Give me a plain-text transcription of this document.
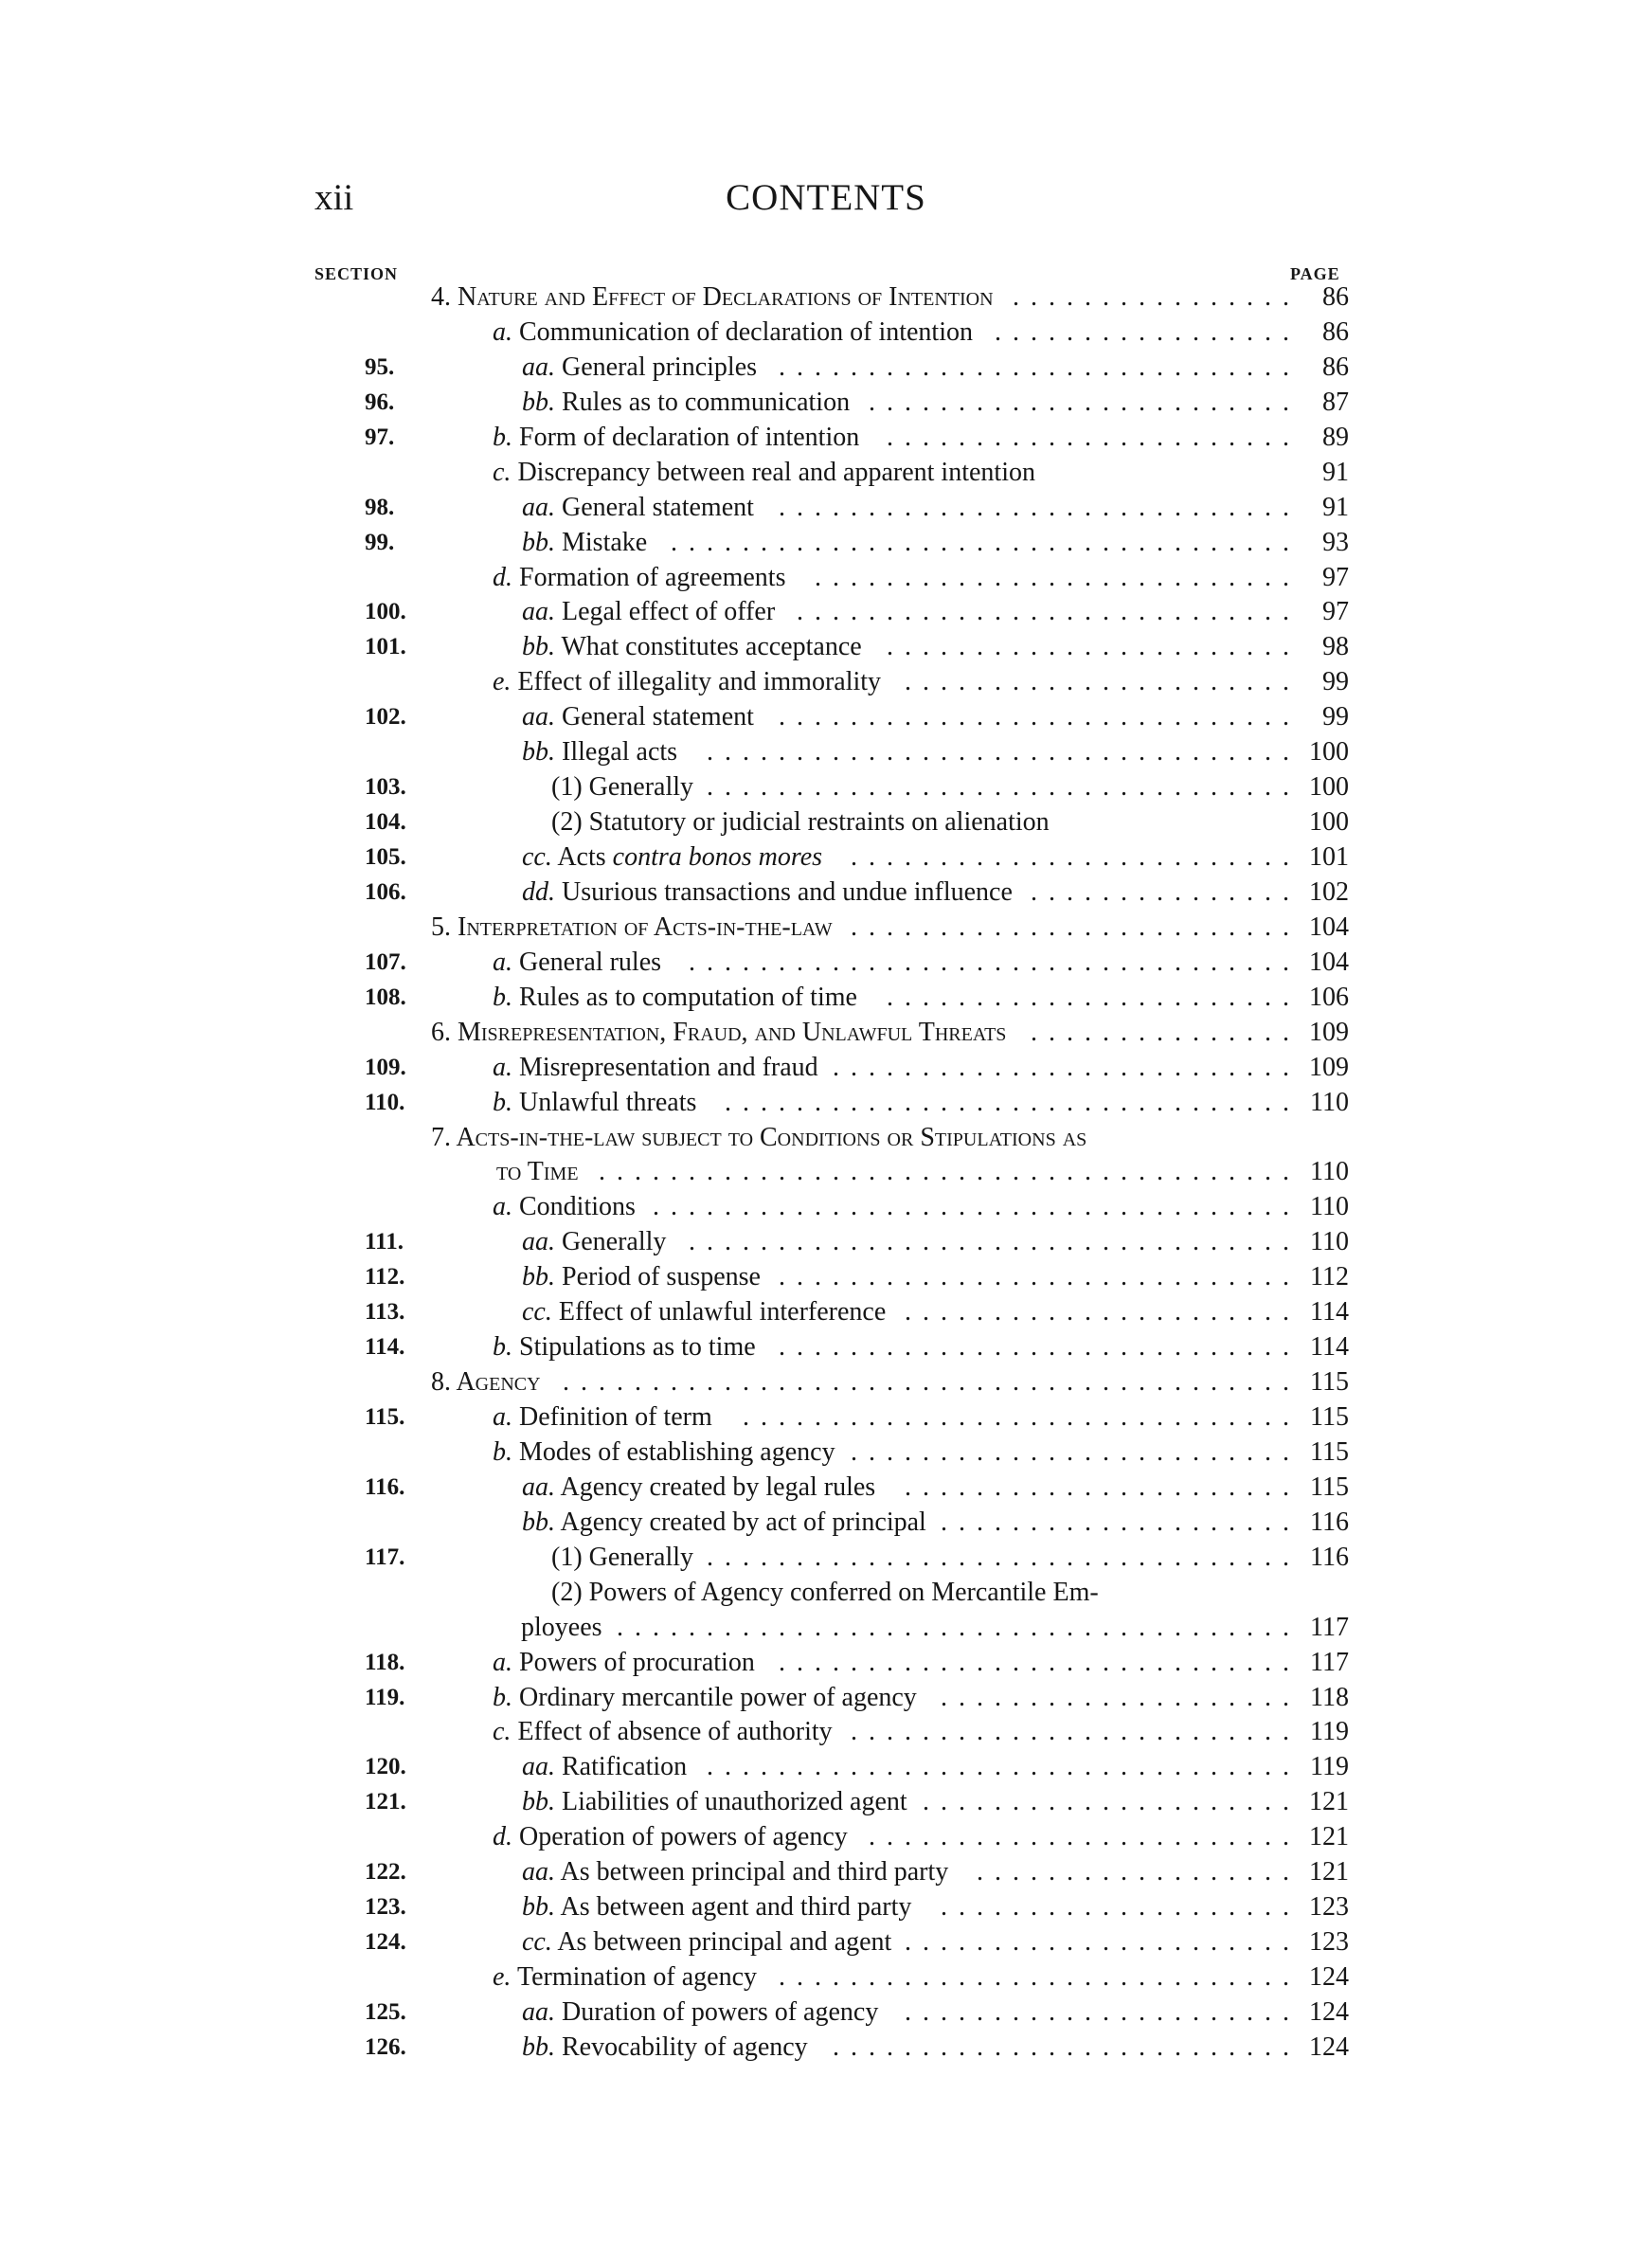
xii	CONTENTS
SECTION	PAGE
4. Nature and Effect of Declarations of Intention ................ 86
a. Communication of declaration of intention ................. 86
95.	aa. General principles ............................. 86
96.	bb. Rules as to communication ........................ 87
97.	b. Form of declaration of intention ....................... 89
c. Discrepancy between real and apparent intention	91
98.	aa. General statement ............................. 91
99.	bb. Mistake ................................... 93
d. Formation of agreements ........................... 97
100.	aa. Legal effect of offer ............................ 97
101.	bb. What constitutes acceptance ....................... 98
e. Effect of illegality and immorality ...................... 99
102.	aa. General statement ............................. 99
bb. Illegal acts ................................. 100
103.	(1) Generally ................................. 100
104.	(2) Statutory or judicial restraints on alienation	100
105.	cc. Acts contra bonos mores ......................... 101
106.	dd. Usurious transactions and undue influence ............... 102
5. Interpretation of Acts-in-the-law ......................... 104
107.	a. General rules .................................. 104
108.	b. Rules as to computation of time ....................... 106
6. Misrepresentation, Fraud, and Unlawful Threats ............... 109
109.	a. Misrepresentation and fraud .......................... 109
110.	b. Unlawful threats ................................ 110
7. Acts-in-the-law subject to Conditions or Stipulations as
to Time ....................................... 110
a. Conditions .................................... 110
111.	aa. Generally .................................. 110
112.	bb. Period of suspense ............................. 112
113.	cc. Effect of unlawful interference ...................... 114
114.	b. Stipulations as to time ............................. 114
8. Agency ......................................... 115
115.	a. Definition of term ............................... 115
b. Modes of establishing agency ......................... 115
116.	aa. Agency created by legal rules ...................... 115
bb. Agency created by act of principal .................... 116
117.	(1) Generally ................................. 116
(2) Powers of Agency conferred on Mercantile Em-
ployees ...................................... 117
118.	a. Powers of procuration ............................. 117
119.	b. Ordinary mercantile power of agency .................... 118
c. Effect of absence of authority ......................... 119
120.	aa. Ratification ................................. 119
121.	bb. Liabilities of unauthorized agent ..................... 121
d. Operation of powers of agency ........................ 121
122.	aa. As between principal and third party .................. 121
123.	bb. As between agent and third party .................... 123
124.	cc. As between principal and agent ...................... 123
e. Termination of agency ............................. 124
125.	aa. Duration of powers of agency ...................... 124
126.	bb. Revocability of agency .......................... 124
